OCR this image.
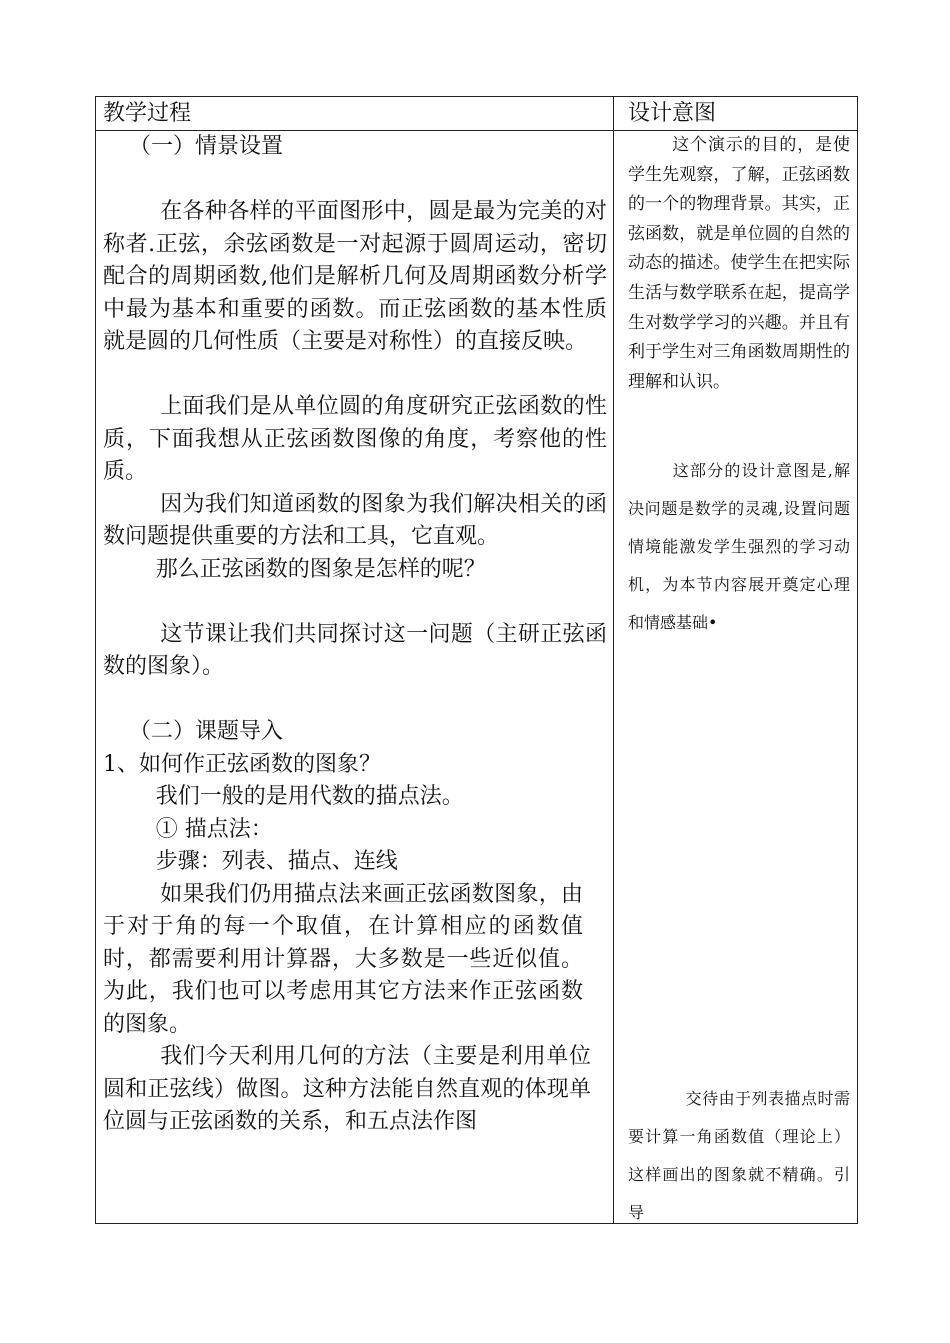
教学过程	设计意图

（一）情景设置

在各种各样的平面图形中，圆是最为完美的对称者.正弦，余弦函数是一对起源于圆周运动，密切配合的周期函数,他们是解析几何及周期函数分析学中最为基本和重要的函数。而正弦函数的基本性质就是圆的几何性质（主要是对称性）的直接反映。

上面我们是从单位圆的角度研究正弦函数的性质，下面我想从正弦函数图像的角度，考察他的性质。

因为我们知道函数的图象为我们解决相关的函数问题提供重要的方法和工具，它直观。

那么正弦函数的图象是怎样的呢？

这节课让我们共同探讨这一问题（主研正弦函数的图象）。

（二）课题导入

1、如何作正弦函数的图象？

我们一般的是用代数的描点法。

① 描点法：

步骤：列表、描点、连线

如果我们仍用描点法来画正弦函数图象，由于对于角的每一个取值，在计算相应的函数值时，都需要利用计算器，大多数是一些近似值。为此，我们也可以考虑用其它方法来作正弦函数的图象。

我们今天利用几何的方法（主要是利用单位圆和正弦线）做图。这种方法能自然直观的体现单位圆与正弦函数的关系，和五点法作图

这个演示的目的，是使学生先观察，了解，正弦函数的一个的物理背景。其实，正弦函数，就是单位圆的自然的动态的描述。使学生在把实际生活与数学联系在起，提高学生对数学学习的兴趣。并且有利于学生对三角函数周期性的理解和认识。

这部分的设计意图是,解决问题是数学的灵魂,设置问题情境能激发学生强烈的学习动机，为本节内容展开奠定心理和情感基础•

交待由于列表描点时需要计算一角函数值（理论上）这样画出的图象就不精确。引导
